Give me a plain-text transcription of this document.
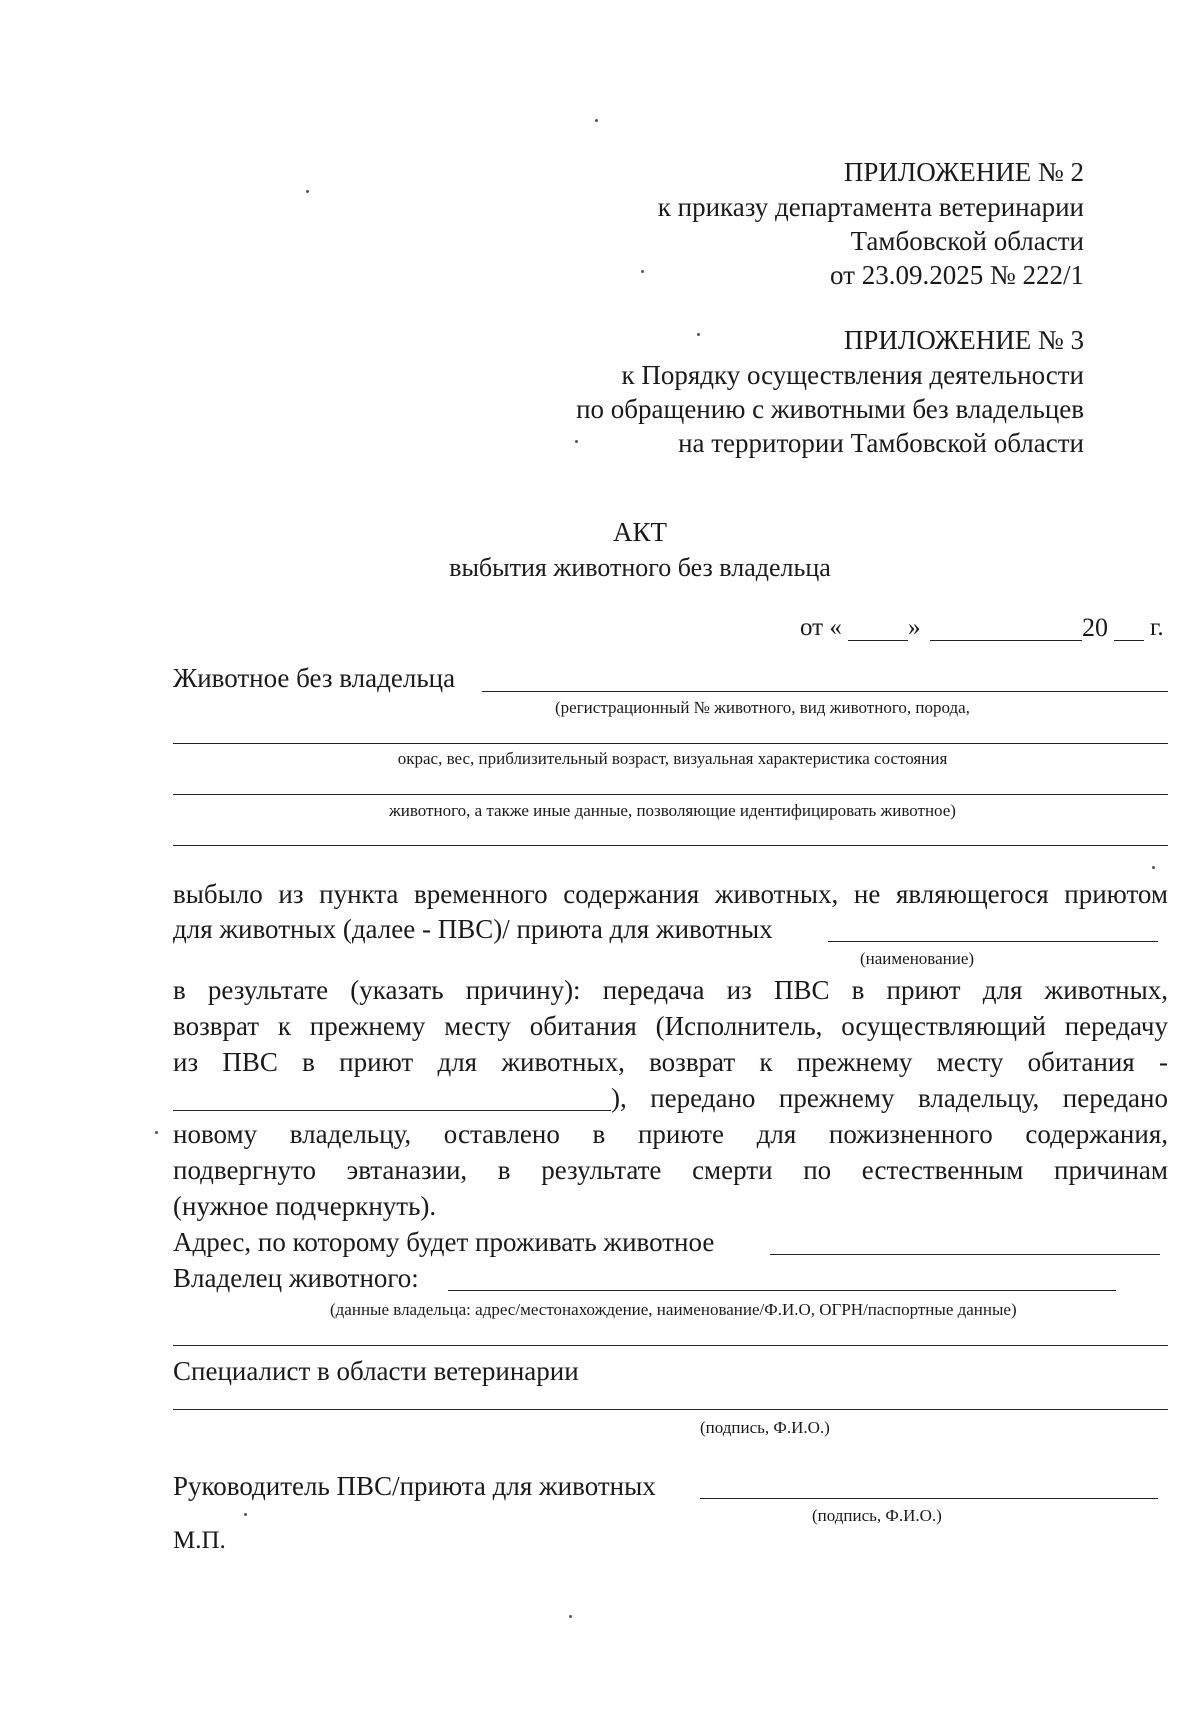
ПРИЛОЖЕНИЕ № 2
к приказу департамента ветеринарии
Тамбовской области
от 23.09.2025 № 222/1
ПРИЛОЖЕНИЕ № 3
к Порядку осуществления деятельности
по обращению с животными без владельцев
на территории Тамбовской области
АКТ
выбытия животного без владельца
от «	»	20 г.
Животное без владельца
(регистрационный № животного, вид животного, порода,
окрас, вес, приблизительный возраст, визуальная характеристика состояния
животного, а также иные данные, позволяющие идентифицировать животное)
выбыло из пункта временного содержания животных, не являющегося приютом
для животных (далее - ПВС)/ приюта для животных
(наименование)
в результате (указать причину): передача из ПВС в приют для животных,
возврат к прежнему месту обитания (Исполнитель, осуществляющий передачу
из ПВС в приют для животных, возврат к прежнему месту обитания -
), передано прежнему владельцу, передано
новому владельцу, оставлено в приюте для пожизненного содержания,
подвергнуто эвтаназии, в результате смерти по естественным причинам
(нужное подчеркнуть).
Адрес, по которому будет проживать животное
Владелец животного:
(данные владельца: адрес/местонахождение, наименование/Ф.И.О, ОГРН/паспортные данные)
Специалист в области ветеринарии
(подпись, Ф.И.О.)
Руководитель ПВС/приюта для животных
(подпись, Ф.И.О.)
М.П.
